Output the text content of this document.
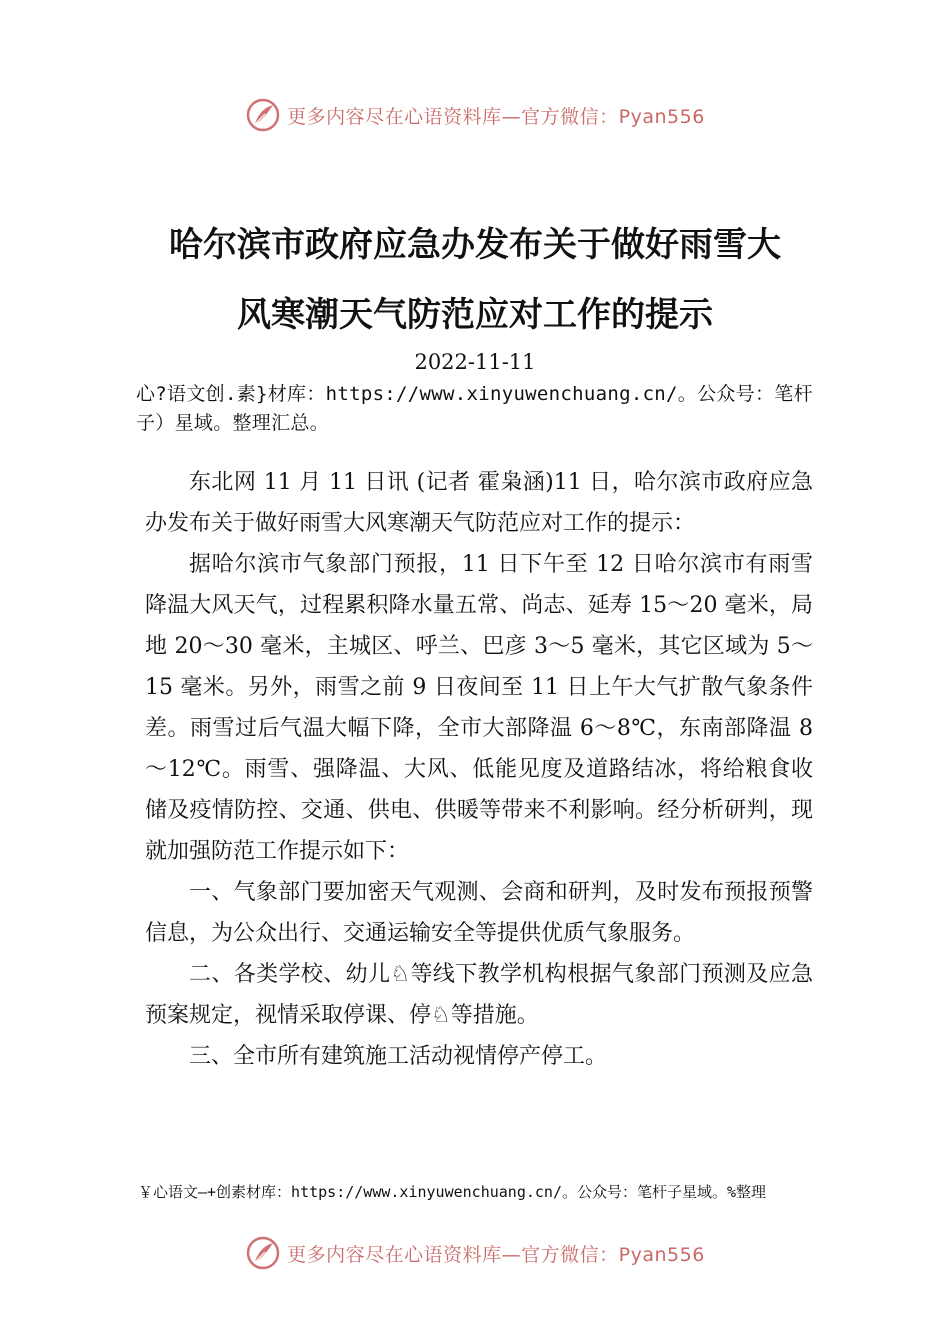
更多内容尽在心语资料库—官方微信：Pyan556
哈尔滨市政府应急办发布关于做好雨雪大
风寒潮天气防范应对工作的提示
2022-11-11
心?语文创.素}材库：https://www.xinyuwenchuang.cn/。公众号：笔杆子）星域。整理汇总。

东北网 11 月 11 日讯 (记者 霍枭涵)11 日，哈尔滨市政府应急办发布关于做好雨雪大风寒潮天气防范应对工作的提示：

据哈尔滨市气象部门预报，11 日下午至 12 日哈尔滨市有雨雪降温大风天气，过程累积降水量五常、尚志、延寿 15～20 毫米，局地 20～30 毫米，主城区、呼兰、巴彦 3～5 毫米，其它区域为 5～15 毫米。另外，雨雪之前 9 日夜间至 11 日上午大气扩散气象条件差。雨雪过后气温大幅下降，全市大部降温 6～8℃，东南部降温 8～12℃。雨雪、强降温、大风、低能见度及道路结冰，将给粮食收储及疫情防控、交通、供电、供暖等带来不利影响。经分析研判，现就加强防范工作提示如下：

一、气象部门要加密天气观测、会商和研判，及时发布预报预警信息，为公众出行、交通运输安全等提供优质气象服务。

二、各类学校、幼儿♘等线下教学机构根据气象部门预测及应急预案规定，视情采取停课、停♘等措施。

三、全市所有建筑施工活动视情停产停工。

￥心语文—+创素材库：https://www.xinyuwenchuang.cn/。公众号：笔杆子星域。%整理
更多内容尽在心语资料库—官方微信：Pyan556
